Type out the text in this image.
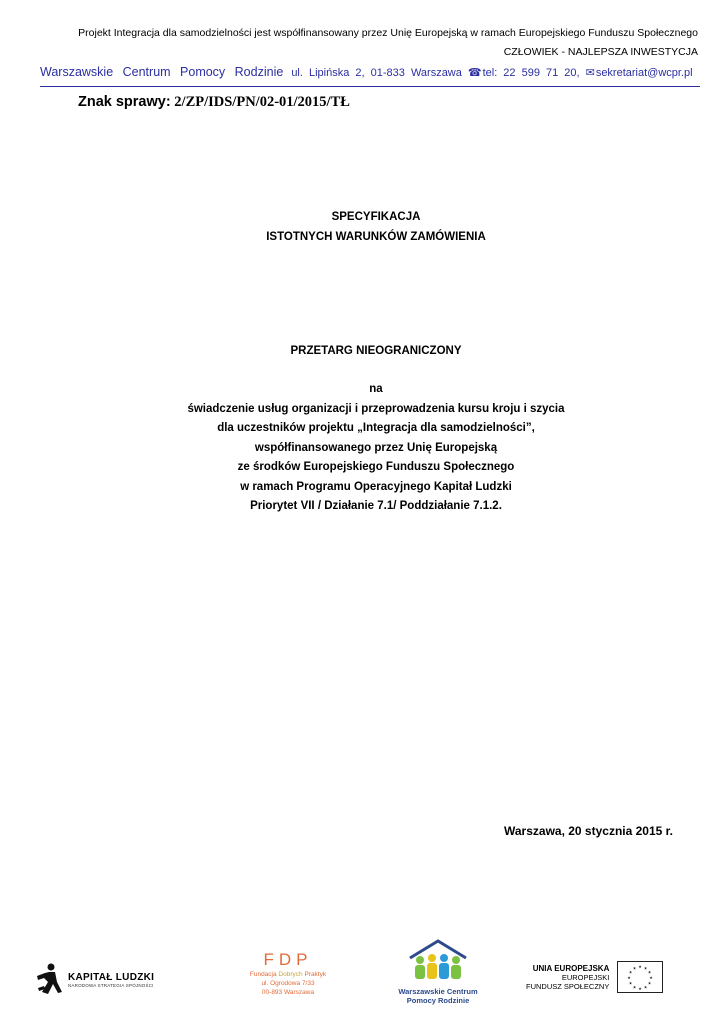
Projekt Integracja dla samodzielności jest współfinansowany przez Unię Europejską w ramach Europejskiego Funduszu Społecznego
CZŁOWIEK - NAJLEPSZA INWESTYCJA
Warszawskie Centrum Pomocy Rodzinie ul. Lipińska 2, 01-833 Warszawa ☎ tel: 22 599 71 20, ✉ sekretariat@wcpr.pl
Znak sprawy: 2/ZP/IDS/PN/02-01/2015/TŁ
SPECYFIKACJA
ISTOTNYCH WARUNKÓW ZAMÓWIENIA
PRZETARG NIEOGRANICZONY
na
świadczenie usług organizacji i przeprowadzenia kursu kroju i szycia
dla uczestników projektu „Integracja dla samodzielności”,
współfinansowanego przez Unię Europejską
ze środków Europejskiego Funduszu Społecznego
w ramach Programu Operacyjnego Kapitał Ludzki
Priorytet VII / Działanie 7.1/ Poddziałanie 7.1.2.
Warszawa, 20 stycznia 2015 r.
KAPITAŁ LUDZKI
NARODOWA STRATEGIA SPÓJNOŚCI
FDP
Fundacja Dobrych Praktyk
ul. Ogrodowa 7/33
00-893 Warszawa	Warszawskie Centrum
Pomocy Rodzinie
UNIA EUROPEJSKA
EUROPEJSKI
FUNDUSZ SPOŁECZNY
★ ★
★
★
★
★
★
★
★
★
★
★
